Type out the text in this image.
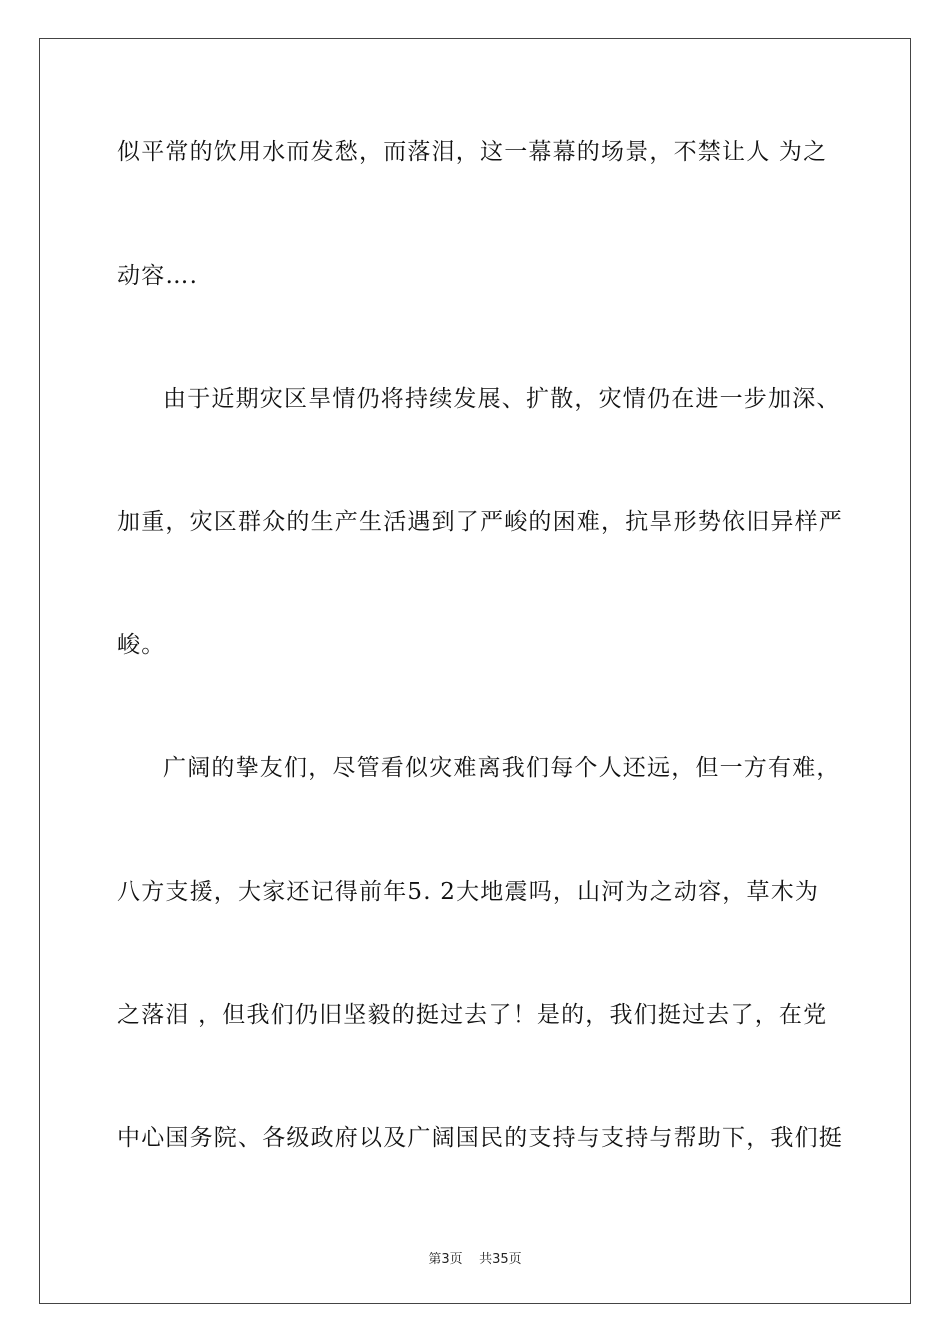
似平常的饮用水而发愁，而落泪，这一幕幕的场景，不禁让人 为之
动容….
由于近期灾区旱情仍将持续发展、扩散，灾情仍在进一步加深、
加重，灾区群众的生产生活遇到了严峻的困难，抗旱形势依旧异样严
峻。
广阔的挚友们，尽管看似灾难离我们每个人还远，但一方有难，
八方支援，大家还记得前年5. 2大地震吗，山河为之动容，草木为
之落泪 ，但我们仍旧坚毅的挺过去了！是的，我们挺过去了，在党
中心国务院、各级政府以及广阔国民的支持与支持与帮助下，我们挺
第3页    共35页
